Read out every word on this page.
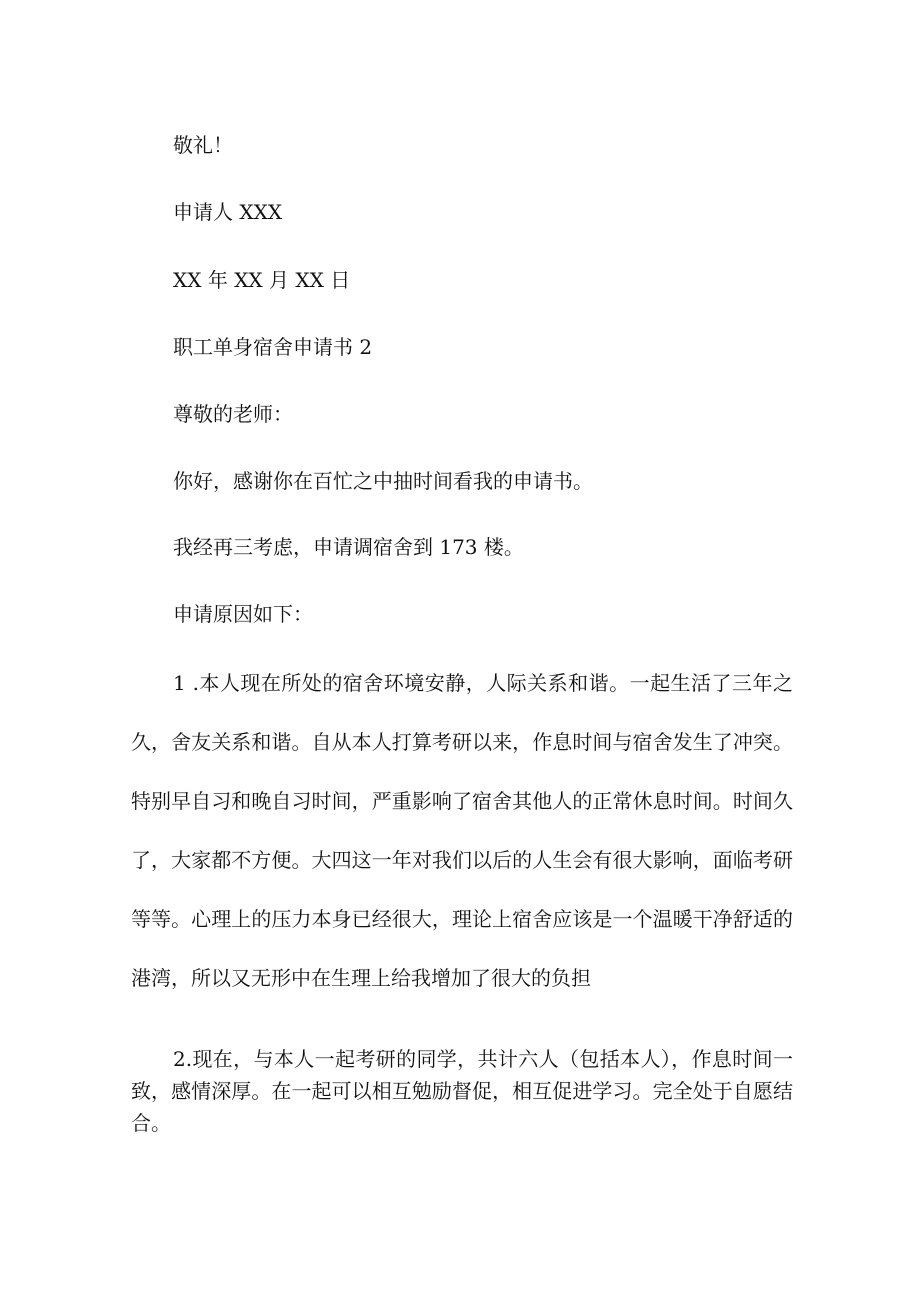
敬礼！
申请人 XXX
XX 年 XX 月 XX 日
职工单身宿舍申请书 2
尊敬的老师：
你好，感谢你在百忙之中抽时间看我的申请书。
我经再三考虑，申请调宿舍到 173 楼。
申请原因如下：
1 .本人现在所处的宿舍环境安静，人际关系和谐。一起生活了三年之久，舍友关系和谐。自从本人打算考研以来，作息时间与宿舍发生了冲突。特别早自习和晚自习时间，严重影响了宿舍其他人的正常休息时间。时间久了，大家都不方便。大四这一年对我们以后的人生会有很大影响，面临考研等等。心理上的压力本身已经很大，理论上宿舍应该是一个温暖干净舒适的港湾，所以又无形中在生理上给我增加了很大的负担
2.现在，与本人一起考研的同学，共计六人（包括本人），作息时间一致，感情深厚。在一起可以相互勉励督促，相互促进学习。完全处于自愿结合。
